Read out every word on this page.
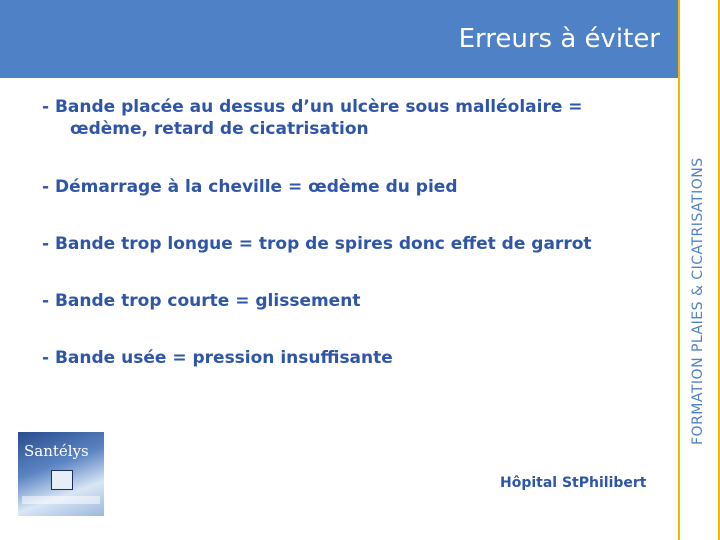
Erreurs à éviter
FORMATION PLAIES & CICATRISATIONS
- Bande placée au dessus d’un ulcère sous malléolaire =
œdème, retard de cicatrisation
- Démarrage à la cheville = œdème du pied
- Bande trop longue = trop de spires donc effet de garrot
- Bande trop courte = glissement
- Bande usée = pression insuffisante
Santélys
Hôpital StPhilibert
